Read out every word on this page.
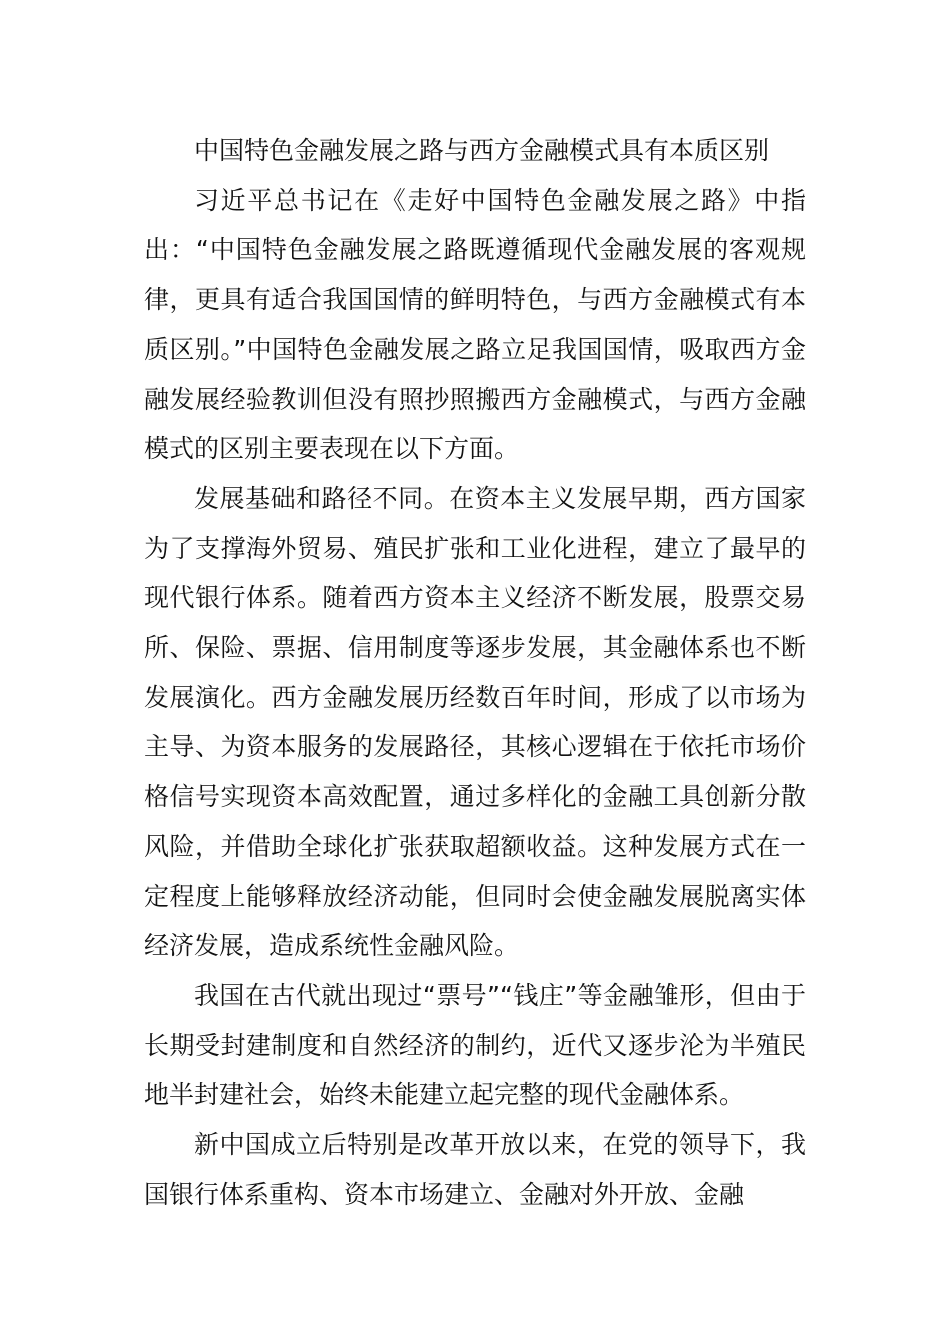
中国特色金融发展之路与西方金融模式具有本质区别

习近平总书记在《走好中国特色金融发展之路》中指出：“中国特色金融发展之路既遵循现代金融发展的客观规律，更具有适合我国国情的鲜明特色，与西方金融模式有本质区别。”中国特色金融发展之路立足我国国情，吸取西方金融发展经验教训但没有照抄照搬西方金融模式，与西方金融模式的区别主要表现在以下方面。

发展基础和路径不同。在资本主义发展早期，西方国家为了支撑海外贸易、殖民扩张和工业化进程，建立了最早的现代银行体系。随着西方资本主义经济不断发展，股票交易所、保险、票据、信用制度等逐步发展，其金融体系也不断发展演化。西方金融发展历经数百年时间，形成了以市场为主导、为资本服务的发展路径，其核心逻辑在于依托市场价格信号实现资本高效配置，通过多样化的金融工具创新分散风险，并借助全球化扩张获取超额收益。这种发展方式在一定程度上能够释放经济动能，但同时会使金融发展脱离实体经济发展，造成系统性金融风险。

我国在古代就出现过“票号”“钱庄”等金融雏形，但由于长期受封建制度和自然经济的制约，近代又逐步沦为半殖民地半封建社会，始终未能建立起完整的现代金融体系。

新中国成立后特别是改革开放以来，在党的领导下，我国银行体系重构、资本市场建立、金融对外开放、金融
